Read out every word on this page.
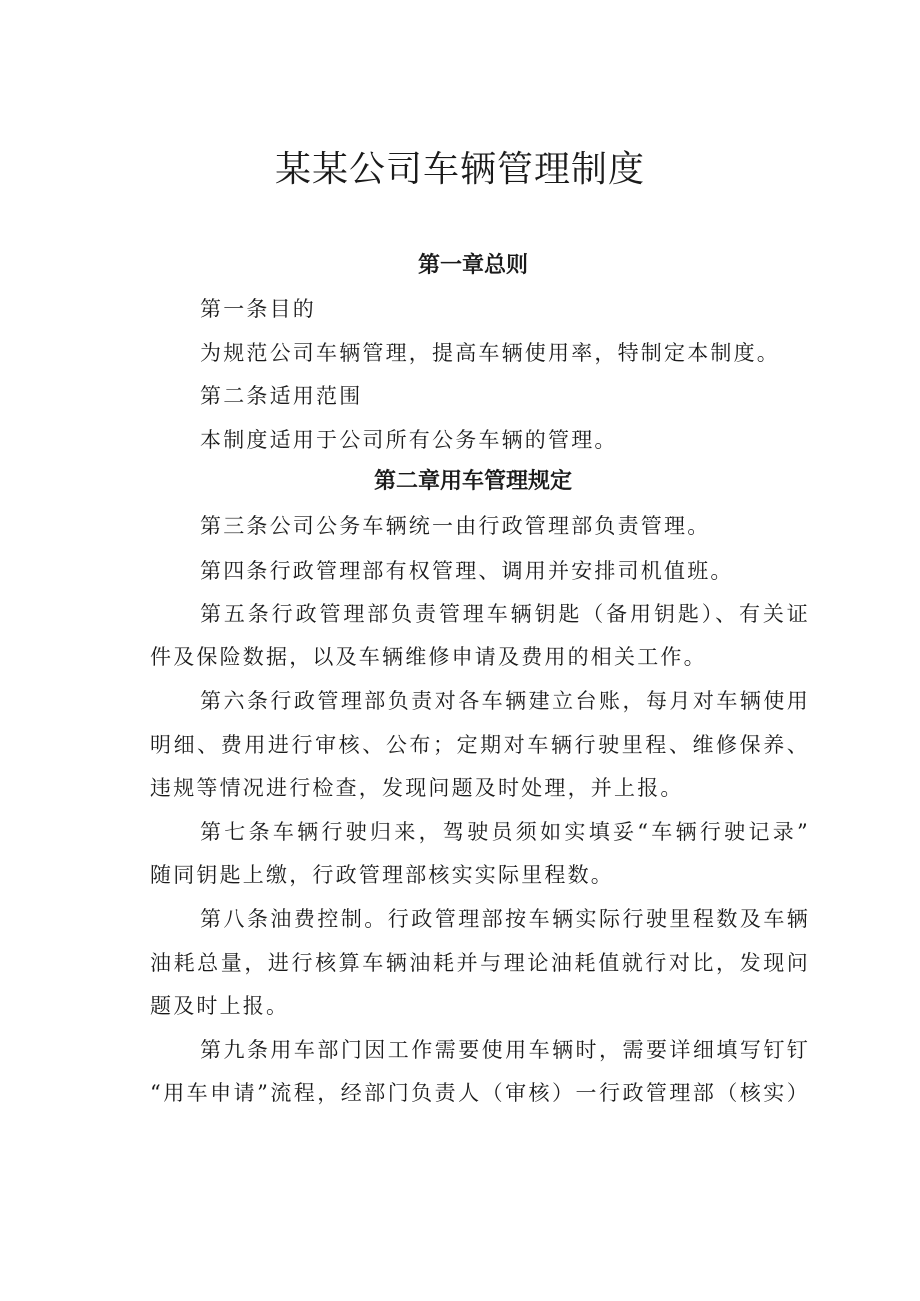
某某公司车辆管理制度
第一章总则
第一条目的
为规范公司车辆管理，提高车辆使用率，特制定本制度。
第二条适用范围
本制度适用于公司所有公务车辆的管理。
第二章用车管理规定
第三条公司公务车辆统一由行政管理部负责管理。
第四条行政管理部有权管理、调用并安排司机值班。
第五条行政管理部负责管理车辆钥匙（备用钥匙）、有关证
件及保险数据，以及车辆维修申请及费用的相关工作。
第六条行政管理部负责对各车辆建立台账，每月对车辆使用
明细、费用进行审核、公布；定期对车辆行驶里程、维修保养、
违规等情况进行检查，发现问题及时处理，并上报。
第七条车辆行驶归来，驾驶员须如实填妥“车辆行驶记录”
随同钥匙上缴，行政管理部核实实际里程数。
第八条油费控制。行政管理部按车辆实际行驶里程数及车辆
油耗总量，进行核算车辆油耗并与理论油耗值就行对比，发现问
题及时上报。
第九条用车部门因工作需要使用车辆时，需要详细填写钉钉
“用车申请”流程，经部门负责人（审核）一行政管理部（核实）
